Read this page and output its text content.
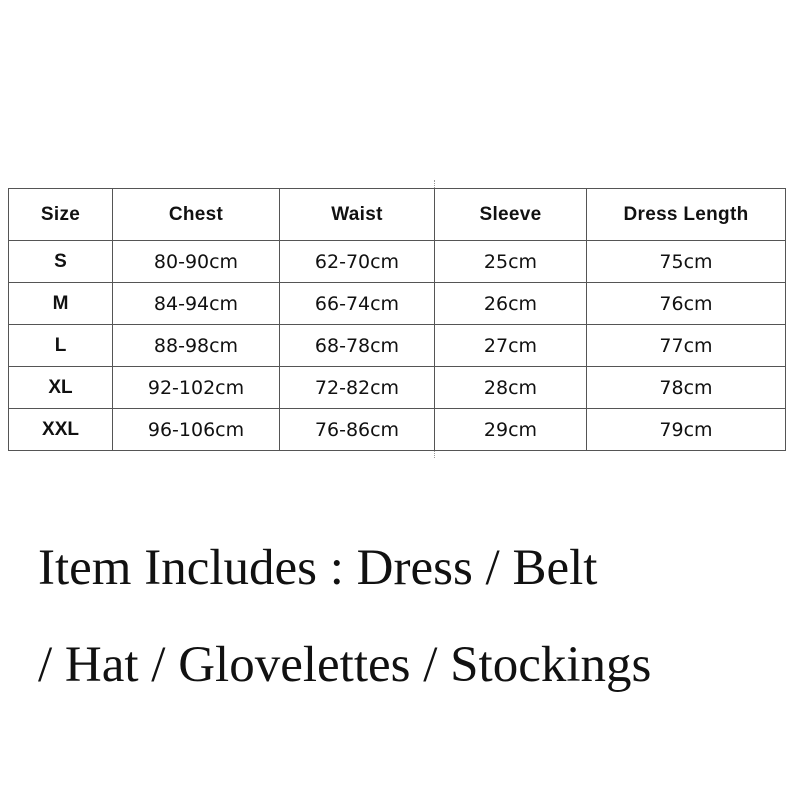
Size	Chest	Waist	Sleeve	Dress Length
S	80-90cm	62-70cm	25cm	75cm
M	84-94cm	66-74cm	26cm	76cm
L	88-98cm	68-78cm	27cm	77cm
XL	92-102cm	72-82cm	28cm	78cm
XXL	96-106cm	76-86cm	29cm	79cm

Item Includes : Dress / Belt
/ Hat / Glovelettes / Stockings
